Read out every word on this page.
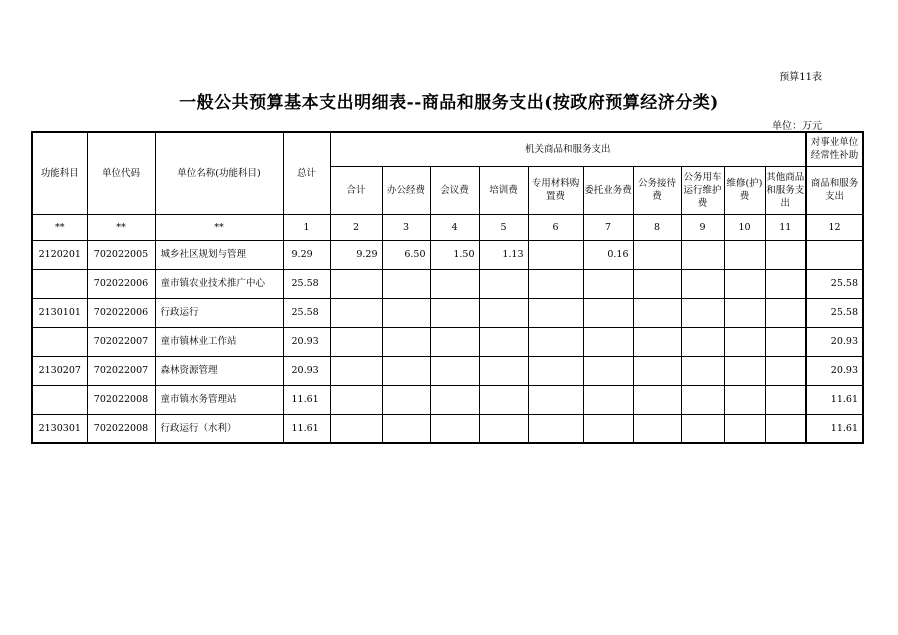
预算11表
一般公共预算基本支出明细表--商品和服务支出(按政府预算经济分类)
单位：万元
功能科目	单位代码	单位名称(功能科目)	总计	机关商品和服务支出										对事业单位经常性补助
				合计	办公经费	会议费	培训费	专用材料购置费	委托业务费	公务接待费	公务用车运行维护费	维修(护)费	其他商品和服务支出	商品和服务支出
**	**	**	1	2	3	4	5	6	7	8	9	10	11	12
2120201	702022005	城乡社区规划与管理	9.29	9.29	6.50	1.50	1.13		0.16					
	702022006	童市镇农业技术推广中心	25.58											25.58
2130101	702022006	行政运行	25.58											25.58
	702022007	童市镇林业工作站	20.93											20.93
2130207	702022007	森林资源管理	20.93											20.93
	702022008	童市镇水务管理站	11.61											11.61
2130301	702022008	行政运行（水利）	11.61											11.61
